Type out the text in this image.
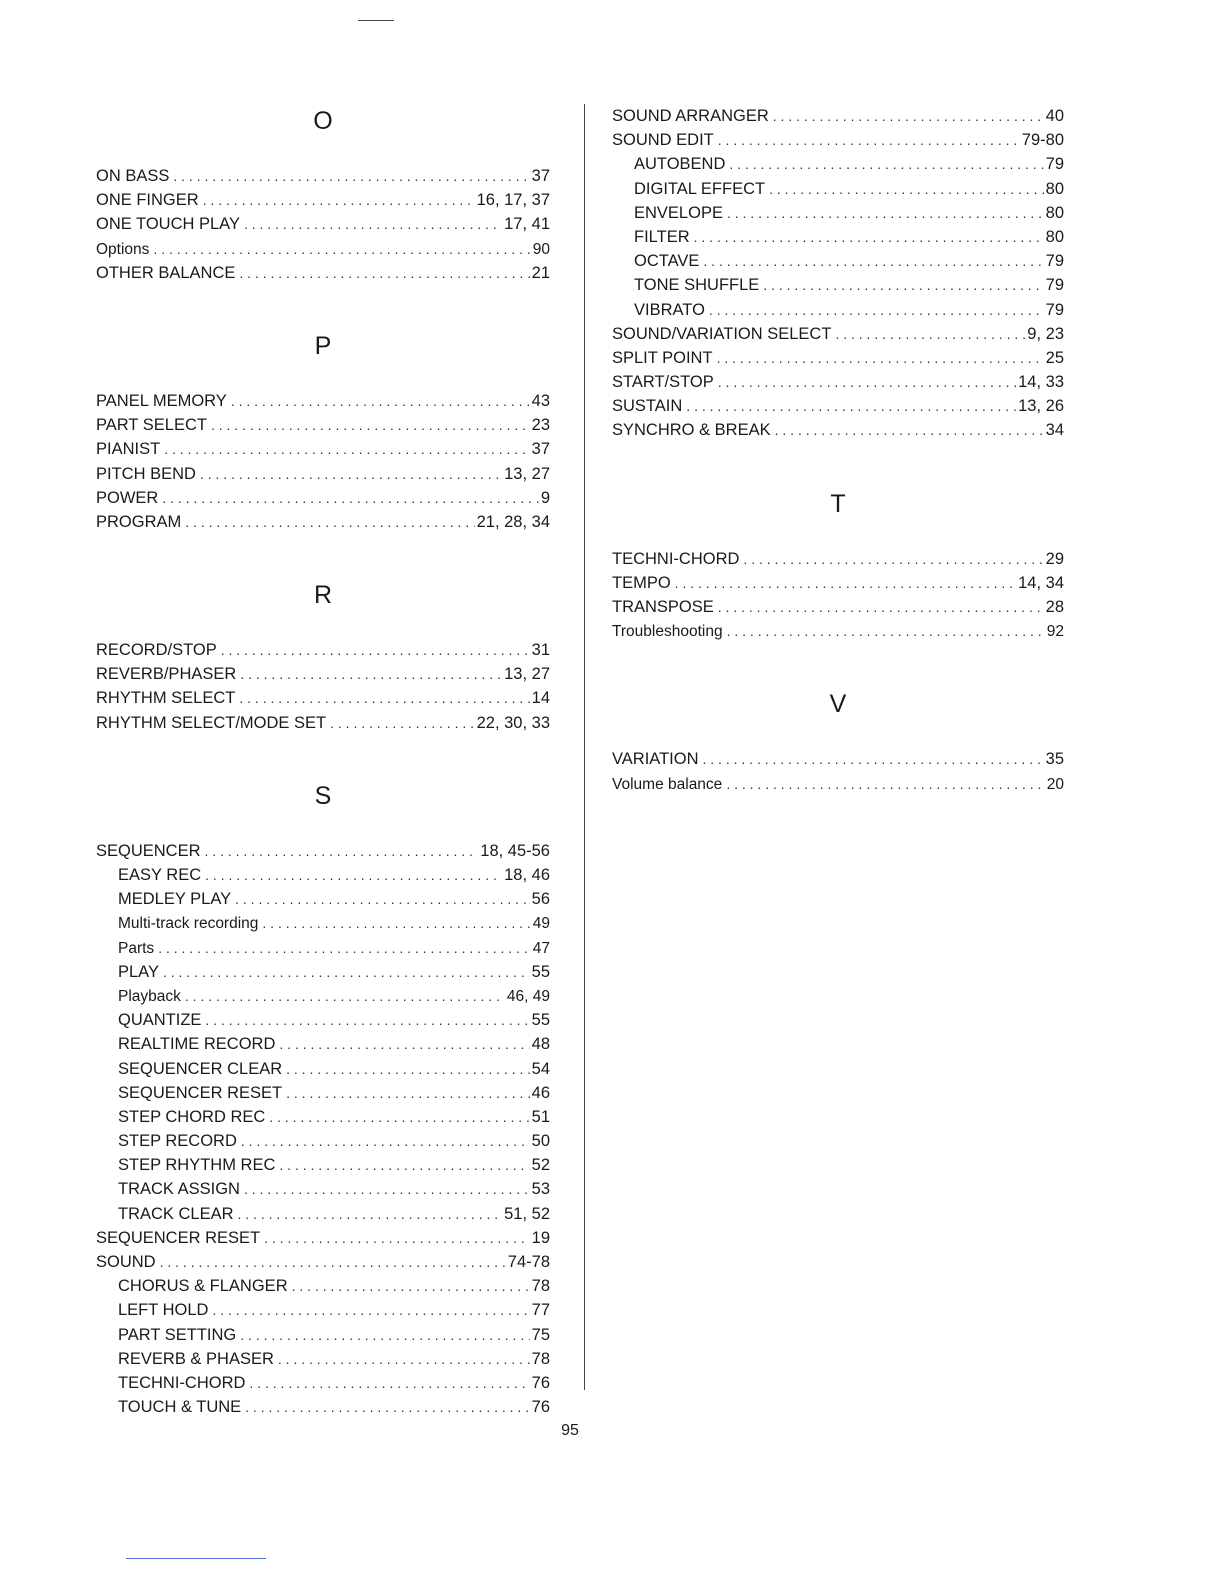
O
ON BASS . . .	37
ONE FINGER . . .	16, 17, 37
ONE TOUCH PLAY . . .	17, 41
Options . . .	90
OTHER BALANCE . . .	21
P
PANEL MEMORY . . .	43
PART SELECT . . .	23
PIANIST . . .	37
PITCH BEND . . .	13, 27
POWER . . .	9
PROGRAM . . .	21, 28, 34
R
RECORD/STOP . . .	31
REVERB/PHASER . . .	13, 27
RHYTHM SELECT . . .	14
RHYTHM SELECT/MODE SET . . .	22, 30, 33
S
SEQUENCER . . .	18, 45-56
EASY REC . . .	18, 46
MEDLEY PLAY . . .	56
Multi-track recording . . .	49
Parts . . .	47
PLAY . . .	55
Playback . . .	46, 49
QUANTIZE . . .	55
REALTIME RECORD . . .	48
SEQUENCER CLEAR . . .	54
SEQUENCER RESET . . .	46
STEP CHORD REC . . .	51
STEP RECORD . . .	50
STEP RHYTHM REC . . .	52
TRACK ASSIGN . . .	53
TRACK CLEAR . . .	51, 52
SEQUENCER RESET . . .	19
SOUND . . .	74-78
CHORUS & FLANGER . . .	78
LEFT HOLD . . .	77
PART SETTING . . .	75
REVERB & PHASER . . .	78
TECHNI-CHORD . . .	76
TOUCH & TUNE . . .	76
SOUND ARRANGER . . .	40
SOUND EDIT . . .	79-80
AUTOBEND . . .	79
DIGITAL EFFECT . . .	80
ENVELOPE . . .	80
FILTER . . .	80
OCTAVE . . .	79
TONE SHUFFLE . . .	79
VIBRATO . . .	79
SOUND/VARIATION SELECT . . .	9, 23
SPLIT POINT . . .	25
START/STOP . . .	14, 33
SUSTAIN . . .	13, 26
SYNCHRO & BREAK . . .	34
T
TECHNI-CHORD . . .	29
TEMPO . . .	14, 34
TRANSPOSE . . .	28
Troubleshooting . . .	92
V
VARIATION . . .	35
Volume balance . . .	20
95
